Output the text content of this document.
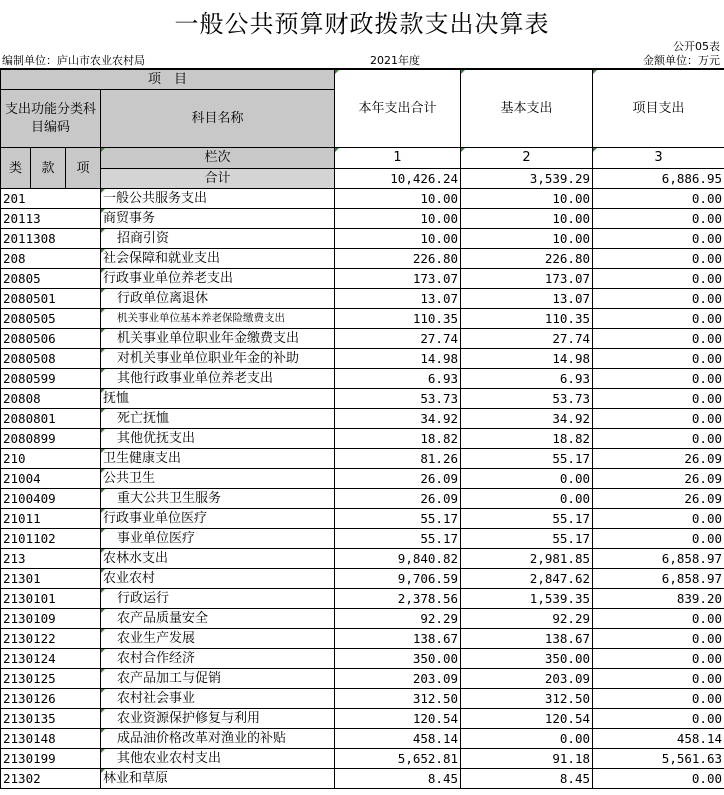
一般公共预算财政拨款支出决算表
公开05表
编制单位：庐山市农业农村局	2021年度	金额单位：万元
项　目				本年支出合计	基本支出	项目支出
支出功能分类科目编码			科目名称			

类	款	项	栏次	1	2	3
			合计	10,426.24	3,539.29	6,886.95
201			一般公共服务支出	10.00	10.00	0.00
20113			商贸事务	10.00	10.00	0.00
2011308			招商引资	10.00	10.00	0.00
208			社会保障和就业支出	226.80	226.80	0.00
20805			行政事业单位养老支出	173.07	173.07	0.00
2080501			行政单位离退休	13.07	13.07	0.00
2080505			机关事业单位基本养老保险缴费支出	110.35	110.35	0.00
2080506			机关事业单位职业年金缴费支出	27.74	27.74	0.00
2080508			对机关事业单位职业年金的补助	14.98	14.98	0.00
2080599			其他行政事业单位养老支出	6.93	6.93	0.00
20808			抚恤	53.73	53.73	0.00
2080801			死亡抚恤	34.92	34.92	0.00
2080899			其他优抚支出	18.82	18.82	0.00
210			卫生健康支出	81.26	55.17	26.09
21004			公共卫生	26.09	0.00	26.09
2100409			重大公共卫生服务	26.09	0.00	26.09
21011			行政事业单位医疗	55.17	55.17	0.00
2101102			事业单位医疗	55.17	55.17	0.00
213			农林水支出	9,840.82	2,981.85	6,858.97
21301			农业农村	9,706.59	2,847.62	6,858.97
2130101			行政运行	2,378.56	1,539.35	839.20
2130109			农产品质量安全	92.29	92.29	0.00
2130122			农业生产发展	138.67	138.67	0.00
2130124			农村合作经济	350.00	350.00	0.00
2130125			农产品加工与促销	203.09	203.09	0.00
2130126			农村社会事业	312.50	312.50	0.00
2130135			农业资源保护修复与利用	120.54	120.54	0.00
2130148			成品油价格改革对渔业的补贴	458.14	0.00	458.14
2130199			其他农业农村支出	5,652.81	91.18	5,561.63
21302			林业和草原	8.45	8.45	0.00
